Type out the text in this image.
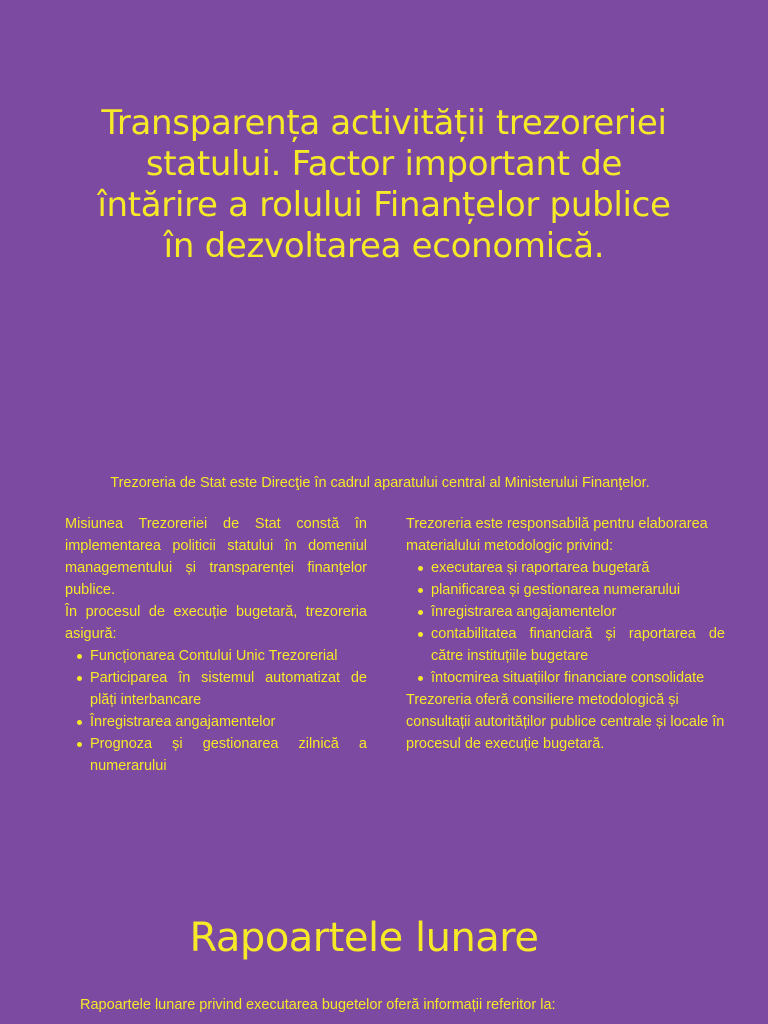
Transparența activității trezoreriei
statului. Factor important de
întărire a rolului Finanțelor publice
în dezvoltarea economică.

Trezoreria de Stat este Direcţie în cadrul aparatului central al Ministerului Finanţelor.

Misiunea Trezoreriei de Stat constă în implementarea politicii statului în domeniul managementului și transparenței finanţelor publice.

În procesul de execuție bugetară, trezoreria asigură:

Funcționarea Contului Unic Trezorerial
Participarea în sistemul automatizat de plăți interbancare
Înregistrarea angajamentelor
Prognoza și gestionarea zilnică a numerarului

Trezoreria este responsabilă pentru elaborarea materialului metodologic privind:

executarea și raportarea bugetară
planificarea și gestionarea numerarului
înregistrarea angajamentelor
contabilitatea financiară și raportarea de către instituțiile bugetare
întocmirea situațiilor financiare consolidate

Trezoreria oferă consiliere metodologică și consultații autorităților publice centrale și locale în procesul de execuție bugetară.

Rapoartele lunare

Rapoartele lunare privind executarea bugetelor oferă informații referitor la:
